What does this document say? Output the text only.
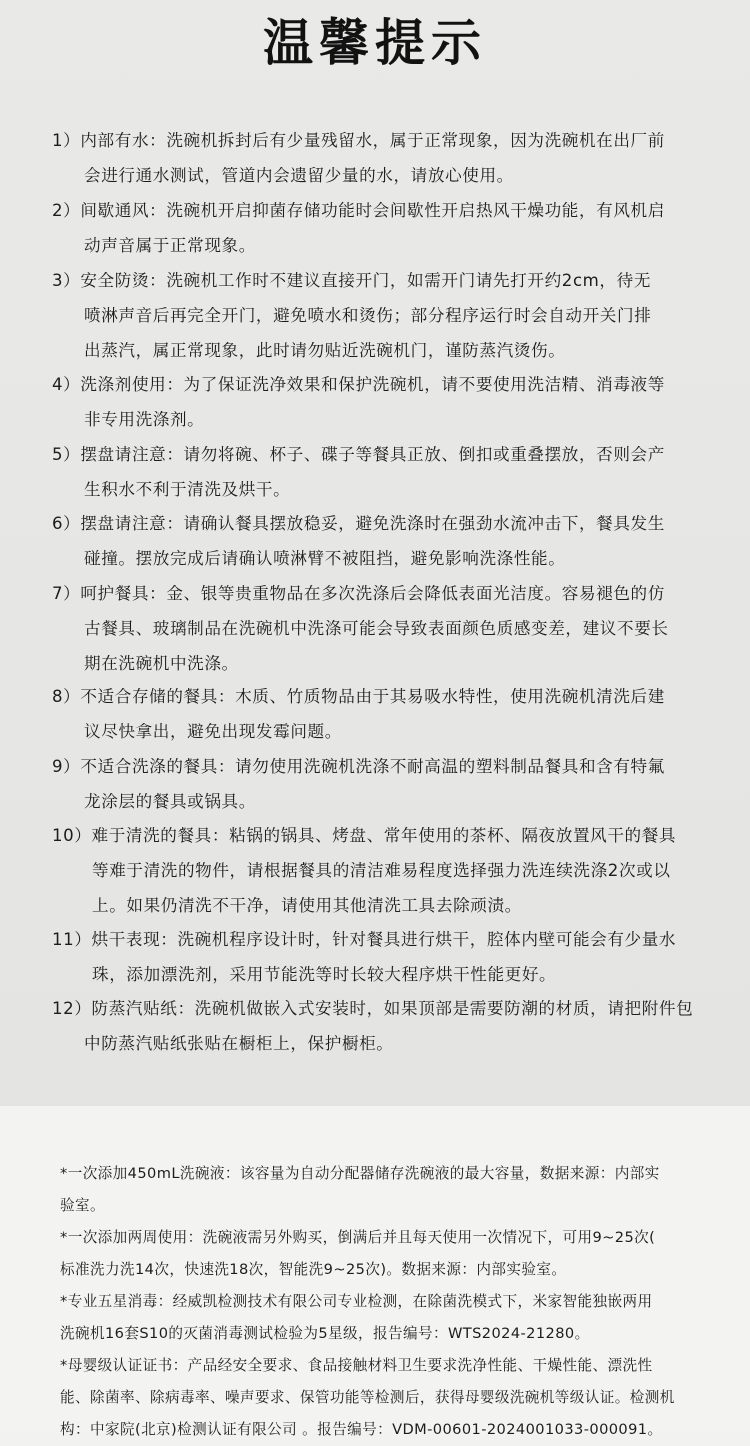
温馨提示

1）内部有水：洗碗机拆封后有少量残留水，属于正常现象，因为洗碗机在出厂前
会进行通水测试，管道内会遗留少量的水，请放心使用。

2）间歇通风：洗碗机开启抑菌存储功能时会间歇性开启热风干燥功能，有风机启
动声音属于正常现象。

3）安全防烫：洗碗机工作时不建议直接开门，如需开门请先打开约2cm，待无
喷淋声音后再完全开门，避免喷水和烫伤；部分程序运行时会自动开关门排
出蒸汽，属正常现象，此时请勿贴近洗碗机门，谨防蒸汽烫伤。

4）洗涤剂使用：为了保证洗净效果和保护洗碗机，请不要使用洗洁精、消毒液等
非专用洗涤剂。

5）摆盘请注意：请勿将碗、杯子、碟子等餐具正放、倒扣或重叠摆放，否则会产
生积水不利于清洗及烘干。

6）摆盘请注意：请确认餐具摆放稳妥，避免洗涤时在强劲水流冲击下，餐具发生
碰撞。摆放完成后请确认喷淋臂不被阻挡，避免影响洗涤性能。

7）呵护餐具：金、银等贵重物品在多次洗涤后会降低表面光洁度。容易褪色的仿
古餐具、玻璃制品在洗碗机中洗涤可能会导致表面颜色质感变差，建议不要长
期在洗碗机中洗涤。

8）不适合存储的餐具：木质、竹质物品由于其易吸水特性，使用洗碗机清洗后建
议尽快拿出，避免出现发霉问题。

9）不适合洗涤的餐具：请勿使用洗碗机洗涤不耐高温的塑料制品餐具和含有特氟
龙涂层的餐具或锅具。

10）难于清洗的餐具：粘锅的锅具、烤盘、常年使用的茶杯、隔夜放置风干的餐具
等难于清洗的物件，请根据餐具的清洁难易程度选择强力洗连续洗涤2次或以
上。如果仍清洗不干净，请使用其他清洗工具去除顽渍。

11）烘干表现：洗碗机程序设计时，针对餐具进行烘干，腔体内壁可能会有少量水
珠，添加漂洗剂，采用节能洗等时长较大程序烘干性能更好。

12）防蒸汽贴纸：洗碗机做嵌入式安装时，如果顶部是需要防潮的材质，请把附件包
中防蒸汽贴纸张贴在橱柜上，保护橱柜。

*一次添加450mL洗碗液：该容量为自动分配器储存洗碗液的最大容量，数据来源：内部实
验室。

*一次添加两周使用：洗碗液需另外购买，倒满后并且每天使用一次情况下，可用9~25次(
标准洗力洗14次，快速洗18次，智能洗9~25次)。数据来源：内部实验室。

*专业五星消毒：经威凯检测技术有限公司专业检测，在除菌洗模式下，米家智能独嵌两用
洗碗机16套S10的灭菌消毒测试检验为5星级，报告编号：WTS2024-21280。

*母婴级认证证书：产品经安全要求、食品接触材料卫生要求洗净性能、干燥性能、漂洗性
能、除菌率、除病毒率、噪声要求、保管功能等检测后，获得母婴级洗碗机等级认证。检测机
构：中家院(北京)检测认证有限公司 。报告编号：VDM-00601-2024001033-000091。
